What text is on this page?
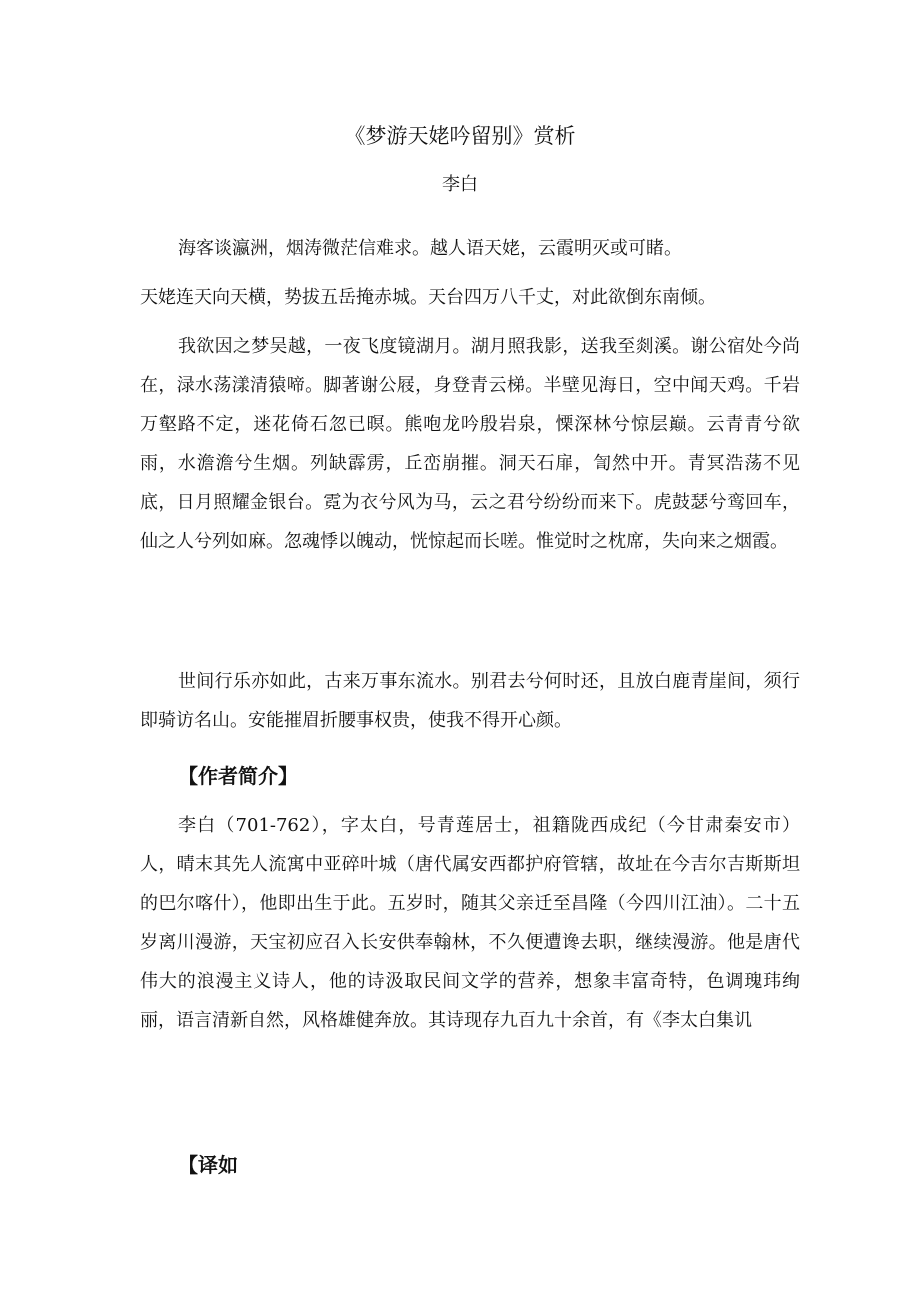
《梦游天姥吟留别》赏析
李白

海客谈瀛洲，烟涛微茫信难求。越人语天姥，云霞明灭或可睹。

天姥连天向天横，势拔五岳掩赤城。天台四万八千丈，对此欲倒东南倾。

我欲因之梦吴越，一夜飞度镜湖月。湖月照我影，送我至剡溪。谢公宿处今尚在，渌水荡漾清猿啼。脚著谢公屐，身登青云梯。半壁见海日，空中闻天鸡。千岩万壑路不定，迷花倚石忽已暝。熊咆龙吟殷岩泉，慄深林兮惊层巅。云青青兮欲雨，水澹澹兮生烟。列缺霹雳，丘峦崩摧。洞天石扉，訇然中开。青冥浩荡不见底，日月照耀金银台。霓为衣兮风为马，云之君兮纷纷而来下。虎鼓瑟兮鸾回车，仙之人兮列如麻。忽魂悸以魄动，恍惊起而长嗟。惟觉时之枕席，失向来之烟霞。

世间行乐亦如此，古来万事东流水。别君去兮何时还，且放白鹿青崖间，须行即骑访名山。安能摧眉折腰事权贵，使我不得开心颜。

【作者简介】

李白（701-762），字太白，号青莲居士，祖籍陇西成纪（今甘肃秦安市）人，晴末其先人流寓中亚碎叶城（唐代属安西都护府管辖，故址在今吉尔吉斯斯坦的巴尔喀什），他即出生于此。五岁时，随其父亲迁至昌隆（今四川江油）。二十五岁离川漫游，天宝初应召入长安供奉翰林，不久便遭谗去职，继续漫游。他是唐代伟大的浪漫主义诗人，他的诗汲取民间文学的营养，想象丰富奇特，色调瑰玮绚丽，语言清新自然，风格雄健奔放。其诗现存九百九十余首，有《李太白集讥

【译如
